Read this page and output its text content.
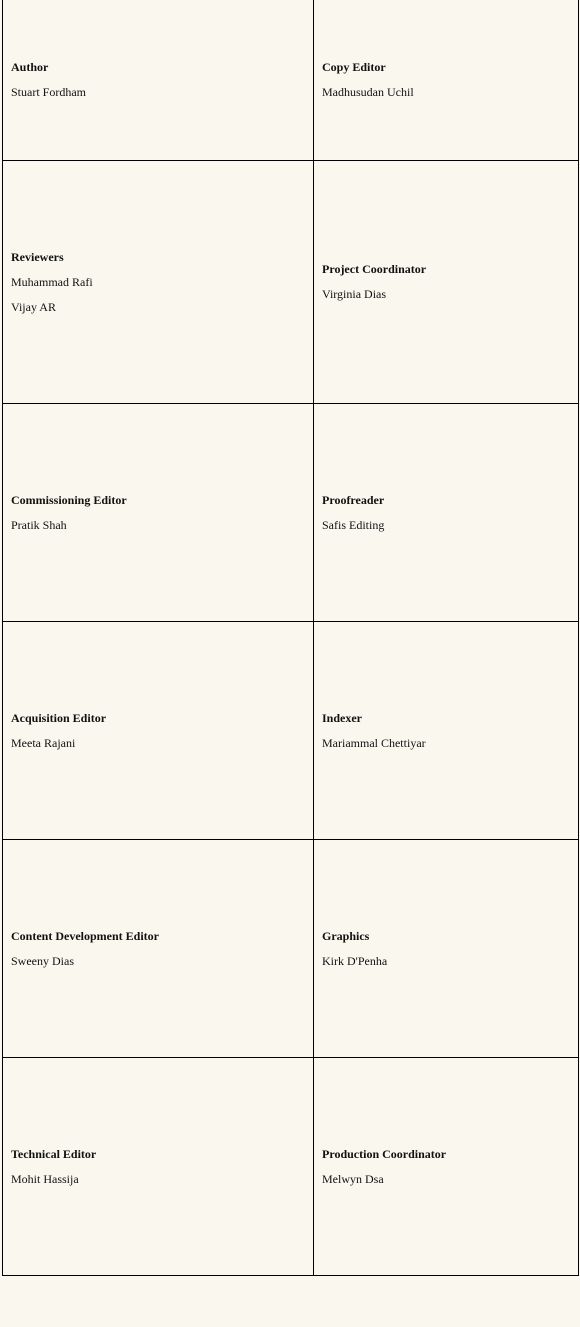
Author
Stuart Fordham	Copy Editor
Madhusudan Uchil

Reviewers
Muhammad Rafi
Vijay AR	Project Coordinator
Virginia Dias

Commissioning Editor
Pratik Shah	Proofreader
Safis Editing

Acquisition Editor
Meeta Rajani	Indexer
Mariammal Chettiyar

Content Development Editor
Sweeny Dias	Graphics
Kirk D'Penha

Technical Editor
Mohit Hassija	Production Coordinator
Melwyn Dsa
